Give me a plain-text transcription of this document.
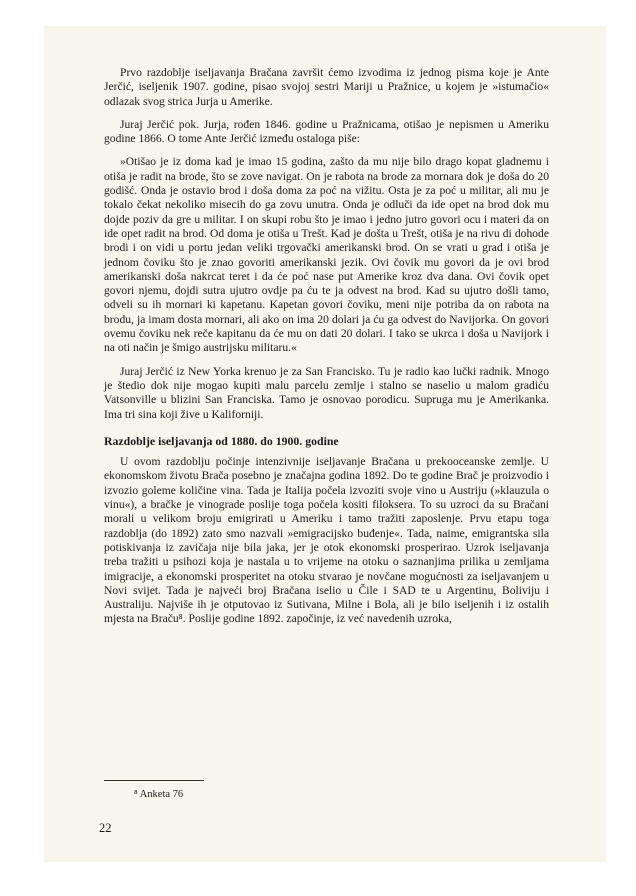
Prvo razdoblje iseljavanja Bračana završit ćemo izvodima iz jednog pisma koje je Ante Jerčić, iseljenik 1907. godine, pisao svojoj sestri Mariji u Pražnice, u kojem je »istumačio« odlazak svog strica Jurja u Amerike.

Juraj Jerčić pok. Jurja, rođen 1846. godine u Pražnicama, otišao je nepismen u Ameriku godine 1866. O tome Ante Jerčić između ostaloga piše:

»Otišao je iz doma kad je imao 15 godina, zašto da mu nije bilo drago kopat gladnemu i otiša je radit na brode, što se zove navigat. On je rabota na brode za mornara dok je doša do 20 godišć. Onda je ostavio brod i doša doma za poć na vižitu. Osta je za poć u militar, ali mu je tokalo čekat nekoliko misecih do ga zovu unutra. Onda je odluči da ide opet na brod dok mu dojde poziv da gre u militar. I on skupi robu što je imao i jedno jutro govori ocu i materi da on ide opet radit na brod. Od doma je otiša u Trešt. Kad je došta u Trešt, otiša je na rivu di dohode brodi i on vidi u portu jedan veliki trgovački amerikanski brod. On se vrati u grad i otiša je jednom čoviku što je znao govoriti amerikanski jezik. Ovi čovik mu govori da je ovi brod amerikanski doša nakrcat teret i da će poć nase put Amerike kroz dva dana. Ovi čovik opet govori njemu, dojdi sutra ujutro ovdje pa ću te ja odvest na brod. Kad su ujutro došli tamo, odveli su ih mornari ki kapetanu. Kapetan govori čoviku, meni nije potriba da on rabota na brodu, ja imam dosta mornari, ali ako on ima 20 dolari ja ću ga odvest do Navijorka. On govori ovemu čoviku nek reče kapitanu da će mu on dati 20 dolari. I tako se ukrca i doša u Navijork i na oti način je šmigo austrijsku militaru.«

Juraj Jerčić iz New Yorka krenuo je za San Francisko. Tu je radio kao lučki radnik. Mnogo je štedio dok nije mogao kupiti malu parcelu zemlje i stalno se naselio u malom gradiću Vatsonville u blizini San Franciska. Tamo je osnovao porodicu. Supruga mu je Amerikanka. Ima tri sina koji žive u Kaliforniji.

Razdoblje iseljavanja od 1880. do 1900. godine

U ovom razdoblju počinje intenzivnije iseljavanje Bračana u prekooceanske zemlje. U ekonomskom životu Brača posebno je značajna godina 1892. Do te godine Brač je proizvodio i izvozio goleme količine vina. Tada je Italija počela izvoziti svoje vino u Austriju (»klauzula o vinu«), a bračke je vinograde poslije toga počela kositi filoksera. To su uzroci da su Bračani morali u velikom broju emigrirati u Ameriku i tamo tražiti zaposlenje. Prvu etapu toga razdoblja (do 1892) zato smo nazvali »emigracijsko buđenje«. Tada, naime, emigrantska sila potiskivanja iz zavičaja nije bila jaka, jer je otok ekonomski prosperirao. Uzrok iseljavanja treba tražiti u psihozi koja je nastala u to vrijeme na otoku o saznanjima prilika u zemljama imigracije, a ekonomski prosperitet na otoku stvarao je novčane mogućnosti za iseljavanjem u Novi svijet. Tada je najveći broj Bračana iselio u Čile i SAD te u Argentinu, Boliviju i Australiju. Najviše ih je otputovao iz Sutivana, Milne i Bola, ali je bilo iseljenih i iz ostalih mjesta na Braču⁸. Poslije godine 1892. započinje, iz već navedenih uzroka,

⁸ Anketa 76
22
